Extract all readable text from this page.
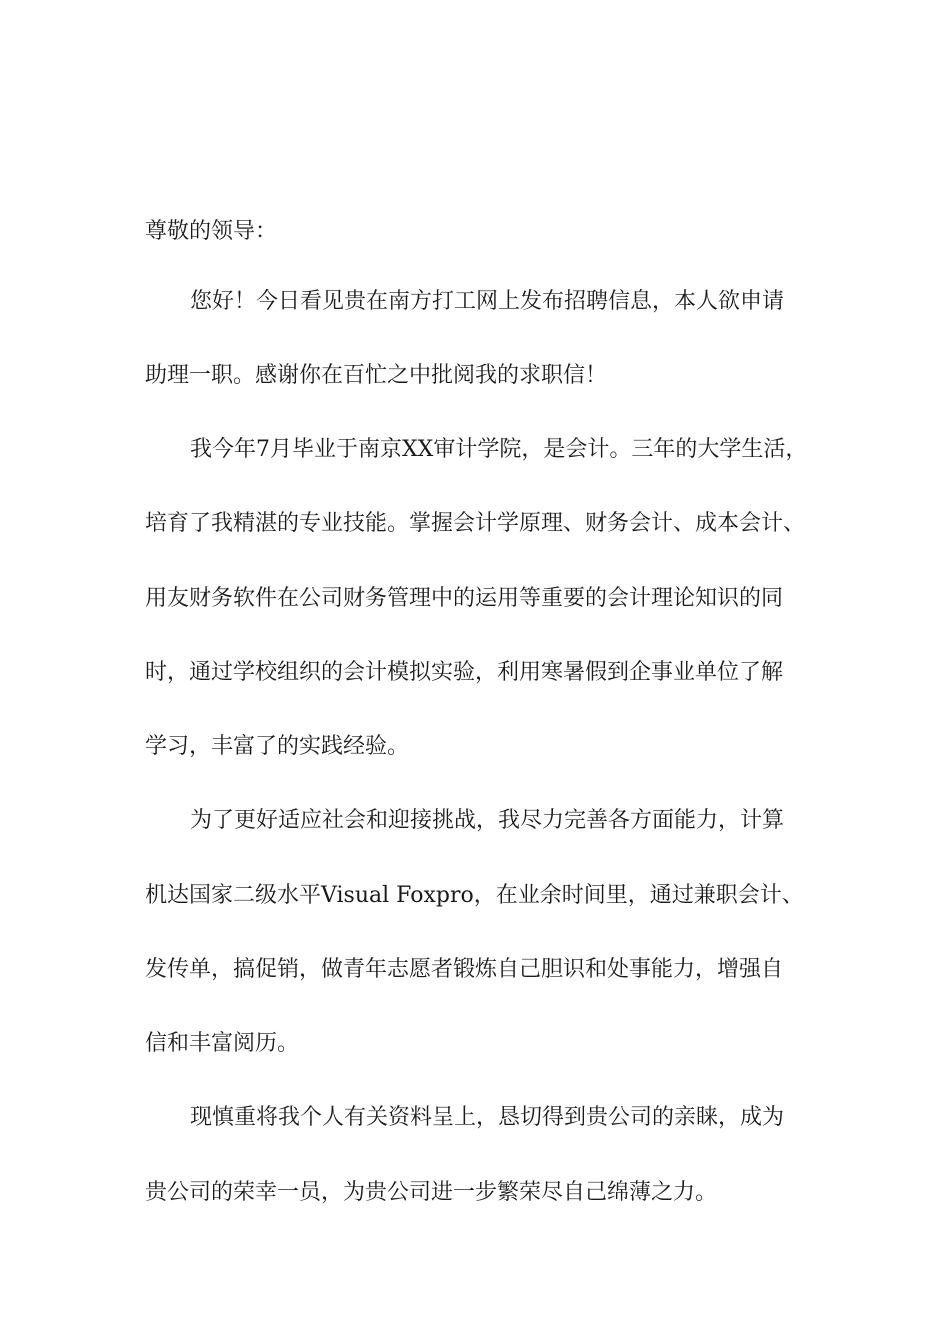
尊敬的领导：
您好！今日看见贵在南方打工网上发布招聘信息，本人欲申请
助理一职。感谢你在百忙之中批阅我的求职信！
我今年7月毕业于南京XX审计学院，是会计。三年的大学生活，
培育了我精湛的专业技能。掌握会计学原理、财务会计、成本会计、
用友财务软件在公司财务管理中的运用等重要的会计理论知识的同
时，通过学校组织的会计模拟实验，利用寒暑假到企事业单位了解
学习，丰富了的实践经验。
为了更好适应社会和迎接挑战，我尽力完善各方面能力，计算
机达国家二级水平Visual Foxpro，在业余时间里，通过兼职会计、
发传单，搞促销，做青年志愿者锻炼自己胆识和处事能力，增强自
信和丰富阅历。
现慎重将我个人有关资料呈上，恳切得到贵公司的亲睐，成为
贵公司的荣幸一员，为贵公司进一步繁荣尽自己绵薄之力。
